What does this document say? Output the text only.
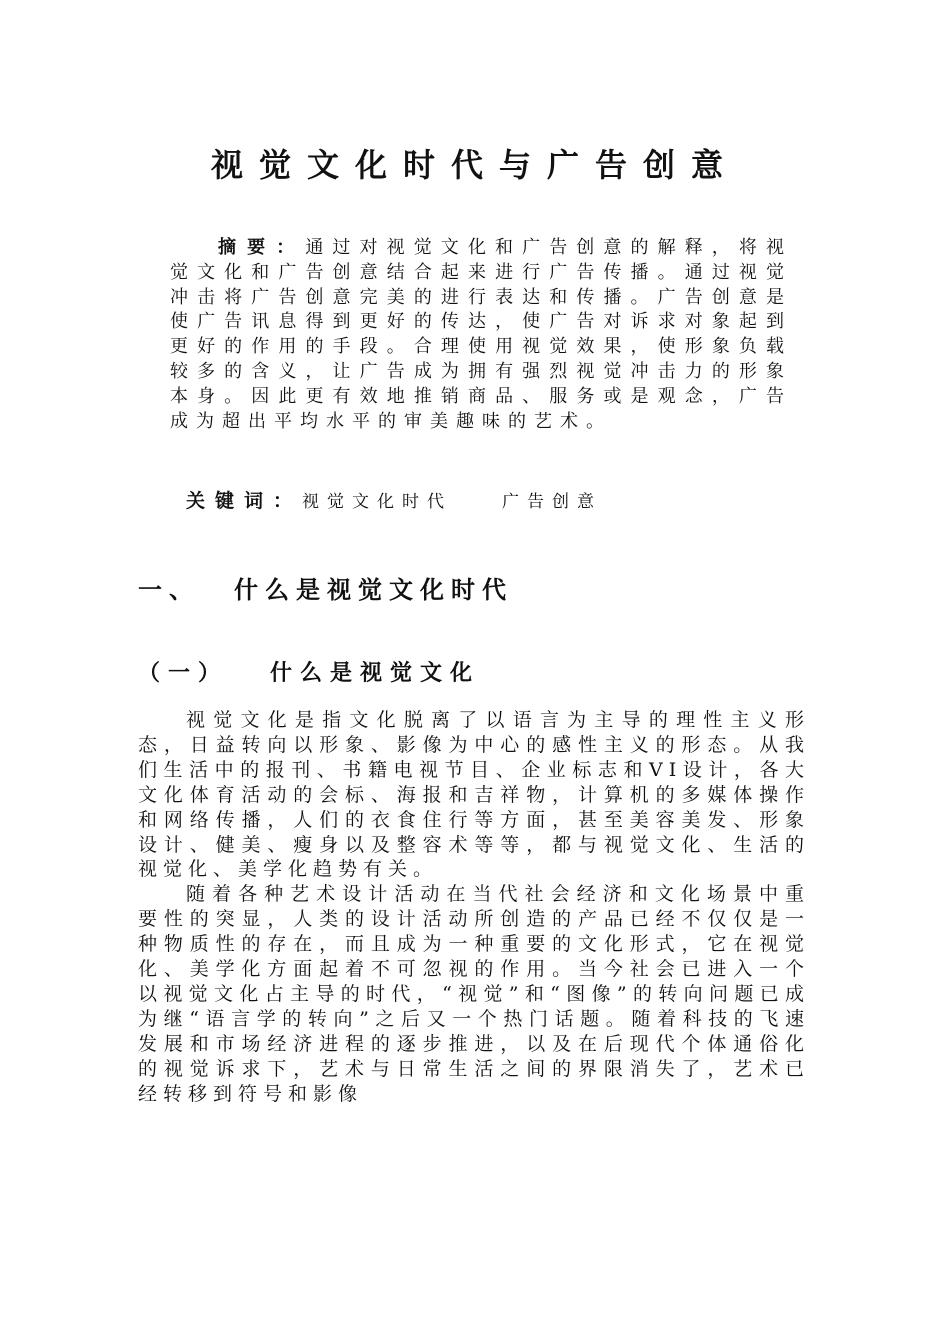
视觉文化时代与广告创意
摘要：通过对视觉文化和广告创意的解释，将视觉文化和广告创意结合起来进行广告传播。通过视觉冲击将广告创意完美的进行表达和传播。广告创意是使广告讯息得到更好的传达，使广告对诉求对象起到更好的作用的手段。合理使用视觉效果，使形象负载较多的含义，让广告成为拥有强烈视觉冲击力的形象本身。因此更有效地推销商品、服务或是观念，广告成为超出平均水平的审美趣味的艺术。
关键词：视觉文化时代	广告创意
一、 什么是视觉文化时代
（一） 什么是视觉文化

视觉文化是指文化脱离了以语言为主导的理性主义形态，日益转向以形象、影像为中心的感性主义的形态。从我们生活中的报刊、书籍电视节目、企业标志和VI设计，各大文化体育活动的会标、海报和吉祥物，计算机的多媒体操作和网络传播，人们的衣食住行等方面，甚至美容美发、形象设计、健美、瘦身以及整容术等等，都与视觉文化、生活的视觉化、美学化趋势有关。

随着各种艺术设计活动在当代社会经济和文化场景中重要性的突显，人类的设计活动所创造的产品已经不仅仅是一种物质性的存在，而且成为一种重要的文化形式，它在视觉化、美学化方面起着不可忽视的作用。当今社会已进入一个以视觉文化占主导的时代，“视觉”和“图像”的转向问题已成为继“语言学的转向”之后又一个热门话题。随着科技的飞速发展和市场经济进程的逐步推进，以及在后现代个体通俗化的视觉诉求下，艺术与日常生活之间的界限消失了，艺术已经转移到符号和影像
